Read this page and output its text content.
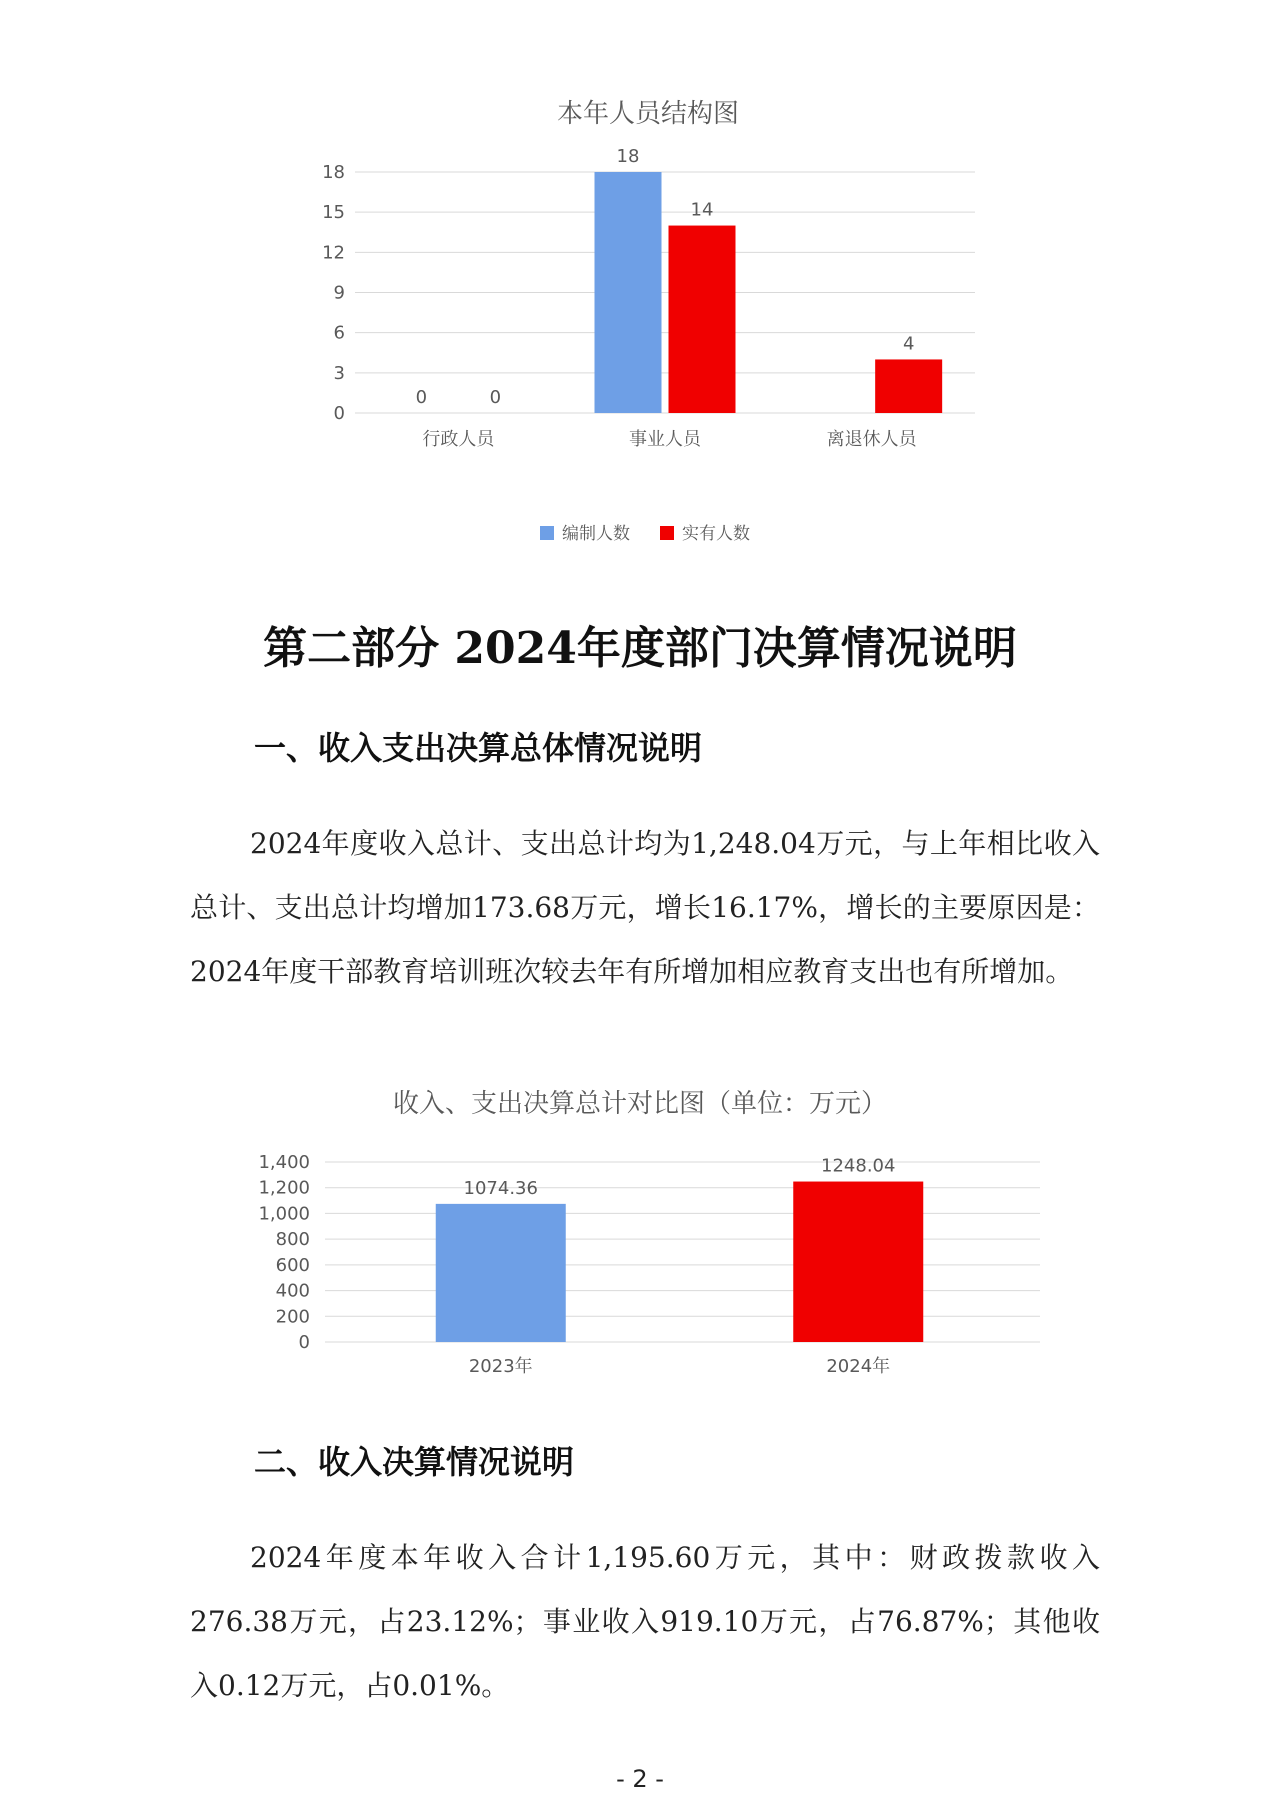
本年人员结构图
0
3
6
9
12
15
18
行政人员
0	0
事业人员
18
14
离退休人员
4
编制人数	实有人数
第二部分 2024年度部门决算情况说明
一、收入支出决算总体情况说明

2024年度收入总计、支出总计均为1,248.04万元，与上年相比收入总计、支出总计均增加173.68万元，增长16.17%，增长的主要原因是：2024年度干部教育培训班次较去年有所增加相应教育支出也有所增加。

收入、支出决算总计对比图（单位：万元）
0
200
400
600
800
1,000
1,200
1,400
1074.36
2023年
1248.04
2024年
二、收入决算情况说明

2024年度本年收入合计1,195.60万元，其中：财政拨款收入276.38万元，占23.12%；事业收入919.10万元，占76.87%；其他收入0.12万元，占0.01%。

- 2 -
